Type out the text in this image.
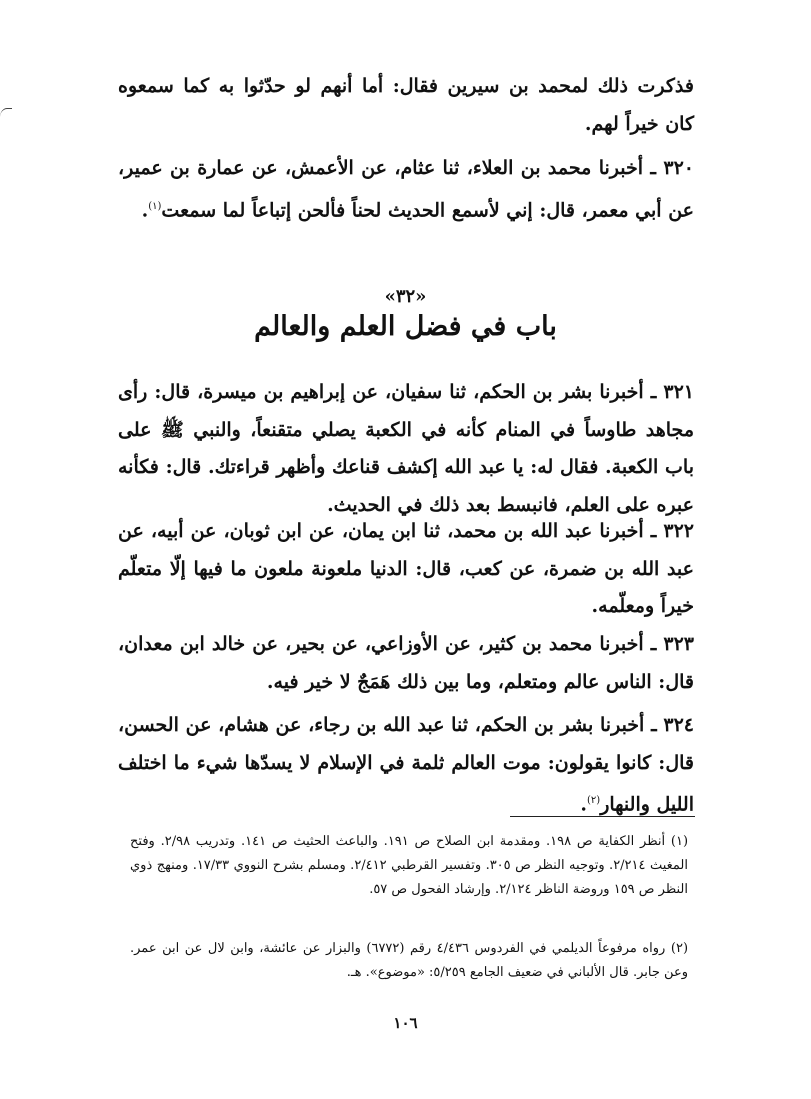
فذكرت ذلك لمحمد بن سيرين فقال: أما أنهم لو حدّثوا به كما سمعوه كان خيراً لهم.

٣٢٠ ـ أخبرنا محمد بن العلاء، ثنا عثام، عن الأعمش، عن عمارة بن عمير، عن أبي معمر، قال: إني لأسمع الحديث لحناً فألحن إتباعاً لما سمعت$^{(١)}$.

«٣٢»

باب في فضل العلم والعالم

٣٢١ ـ أخبرنا بشر بن الحكم، ثنا سفيان، عن إبراهيم بن ميسرة، قال: رأى مجاهد طاوساً في المنام كأنه في الكعبة يصلي متقنعاً، والنبي ﷺ على باب الكعبة. فقال له: يا عبد الله إكشف قناعك وأظهر قراءتك. قال: فكأنه عبره على العلم، فانبسط بعد ذلك في الحديث.

٣٢٢ ـ أخبرنا عبد الله بن محمد، ثنا ابن يمان، عن ابن ثوبان، عن أبيه، عن عبد الله بن ضمرة، عن كعب، قال: الدنيا ملعونة ملعون ما فيها إلّا متعلّم خيراً ومعلّمه.

٣٢٣ ـ أخبرنا محمد بن كثير، عن الأوزاعي، عن بحير، عن خالد ابن معدان، قال: الناس عالم ومتعلم، وما بين ذلك هَمَجٌ لا خير فيه.

٣٢٤ ـ أخبرنا بشر بن الحكم، ثنا عبد الله بن رجاء، عن هشام، عن الحسن، قال: كانوا يقولون: موت العالم ثلمة في الإسلام لا يسدّها شيء ما اختلف الليل والنهار$^{(٢)}$.

(١) أنظر الكفاية ص ١٩٨. ومقدمة ابن الصلاح ص ١٩١. والباعث الحثيث ص ١٤١. وتدريب ٢/٩٨. وفتح المغيث ٢/٢١٤. وتوجيه النظر ص ٣٠٥. وتفسير القرطبي ٢/٤١٢. ومسلم بشرح النووي ١٧/٣٣. ومنهج ذوي النظر ص ١٥٩ وروضة الناظر ٢/١٢٤. وإرشاد الفحول ص ٥٧.

(٢) رواه مرفوعاً الديلمي في الفردوس ٤/٤٣٦ رقم (٦٧٧٢) والبزار عن عائشة، وابن لال عن ابن عمر. وعن جابر. قال الألباني في ضعيف الجامع ٥/٢٥٩: «موضوع». هـ.

١٠٦
